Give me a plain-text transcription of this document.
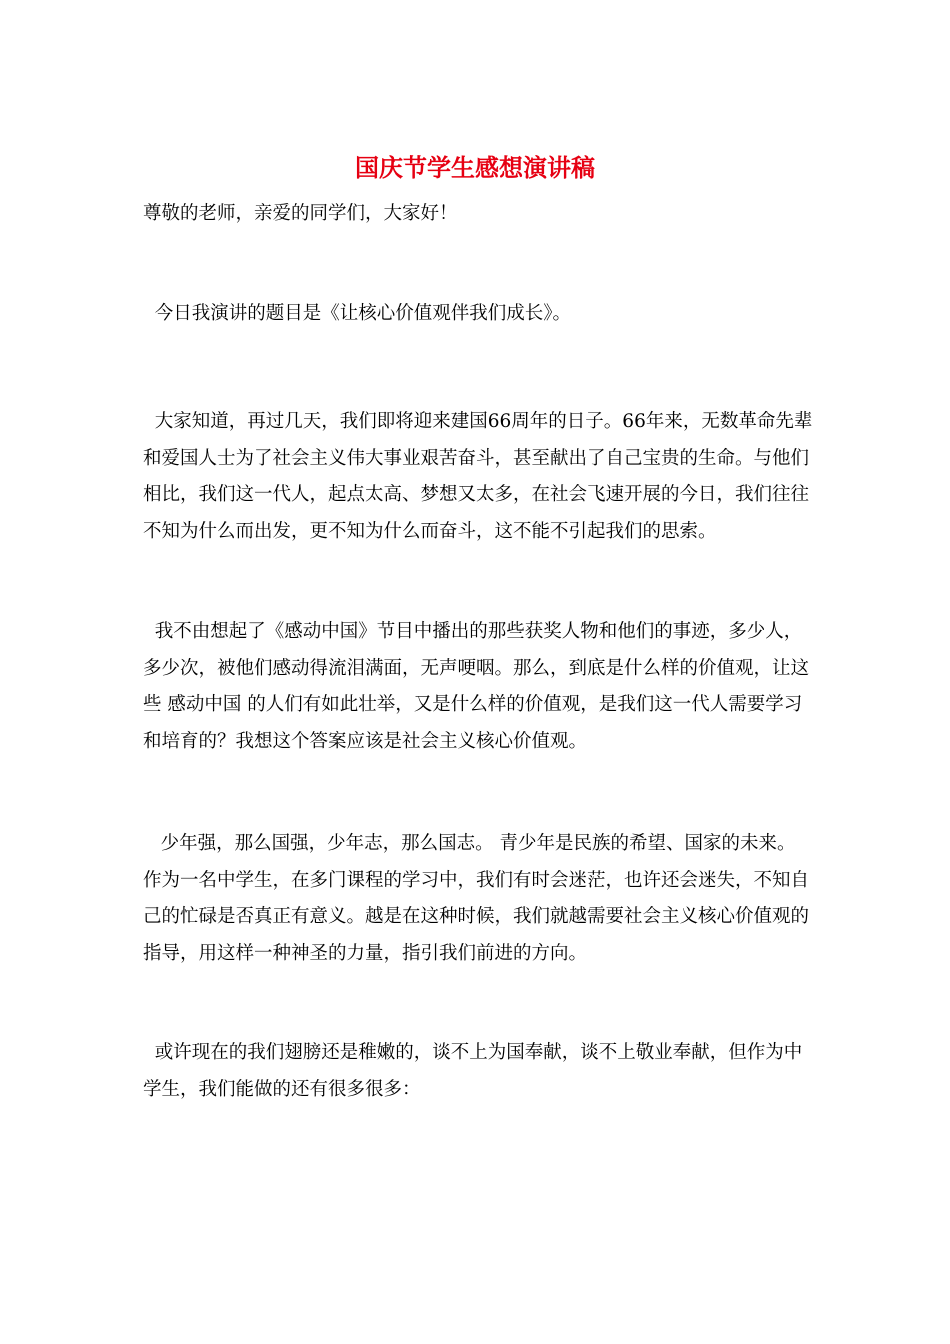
国庆节学生感想演讲稿

尊敬的老师，亲爱的同学们，大家好！

今日我演讲的题目是《让核心价值观伴我们成长》。

大家知道，再过几天，我们即将迎来建国66周年的日子。66年来，无数革命先辈和爱国人士为了社会主义伟大事业艰苦奋斗，甚至献出了自己宝贵的生命。与他们相比，我们这一代人，起点太高、梦想又太多，在社会飞速开展的今日，我们往往不知为什么而出发，更不知为什么而奋斗，这不能不引起我们的思索。

我不由想起了《感动中国》节目中播出的那些获奖人物和他们的事迹，多少人，多少次，被他们感动得流泪满面，无声哽咽。那么，到底是什么样的价值观，让这些 感动中国 的人们有如此壮举，又是什么样的价值观，是我们这一代人需要学习和培育的？我想这个答案应该是社会主义核心价值观。

少年强，那么国强，少年志，那么国志。 青少年是民族的希望、国家的未来。作为一名中学生，在多门课程的学习中，我们有时会迷茫，也许还会迷失，不知自己的忙碌是否真正有意义。越是在这种时候，我们就越需要社会主义核心价值观的指导，用这样一种神圣的力量，指引我们前进的方向。

或许现在的我们翅膀还是稚嫩的，谈不上为国奉献，谈不上敬业奉献，但作为中学生，我们能做的还有很多很多：
